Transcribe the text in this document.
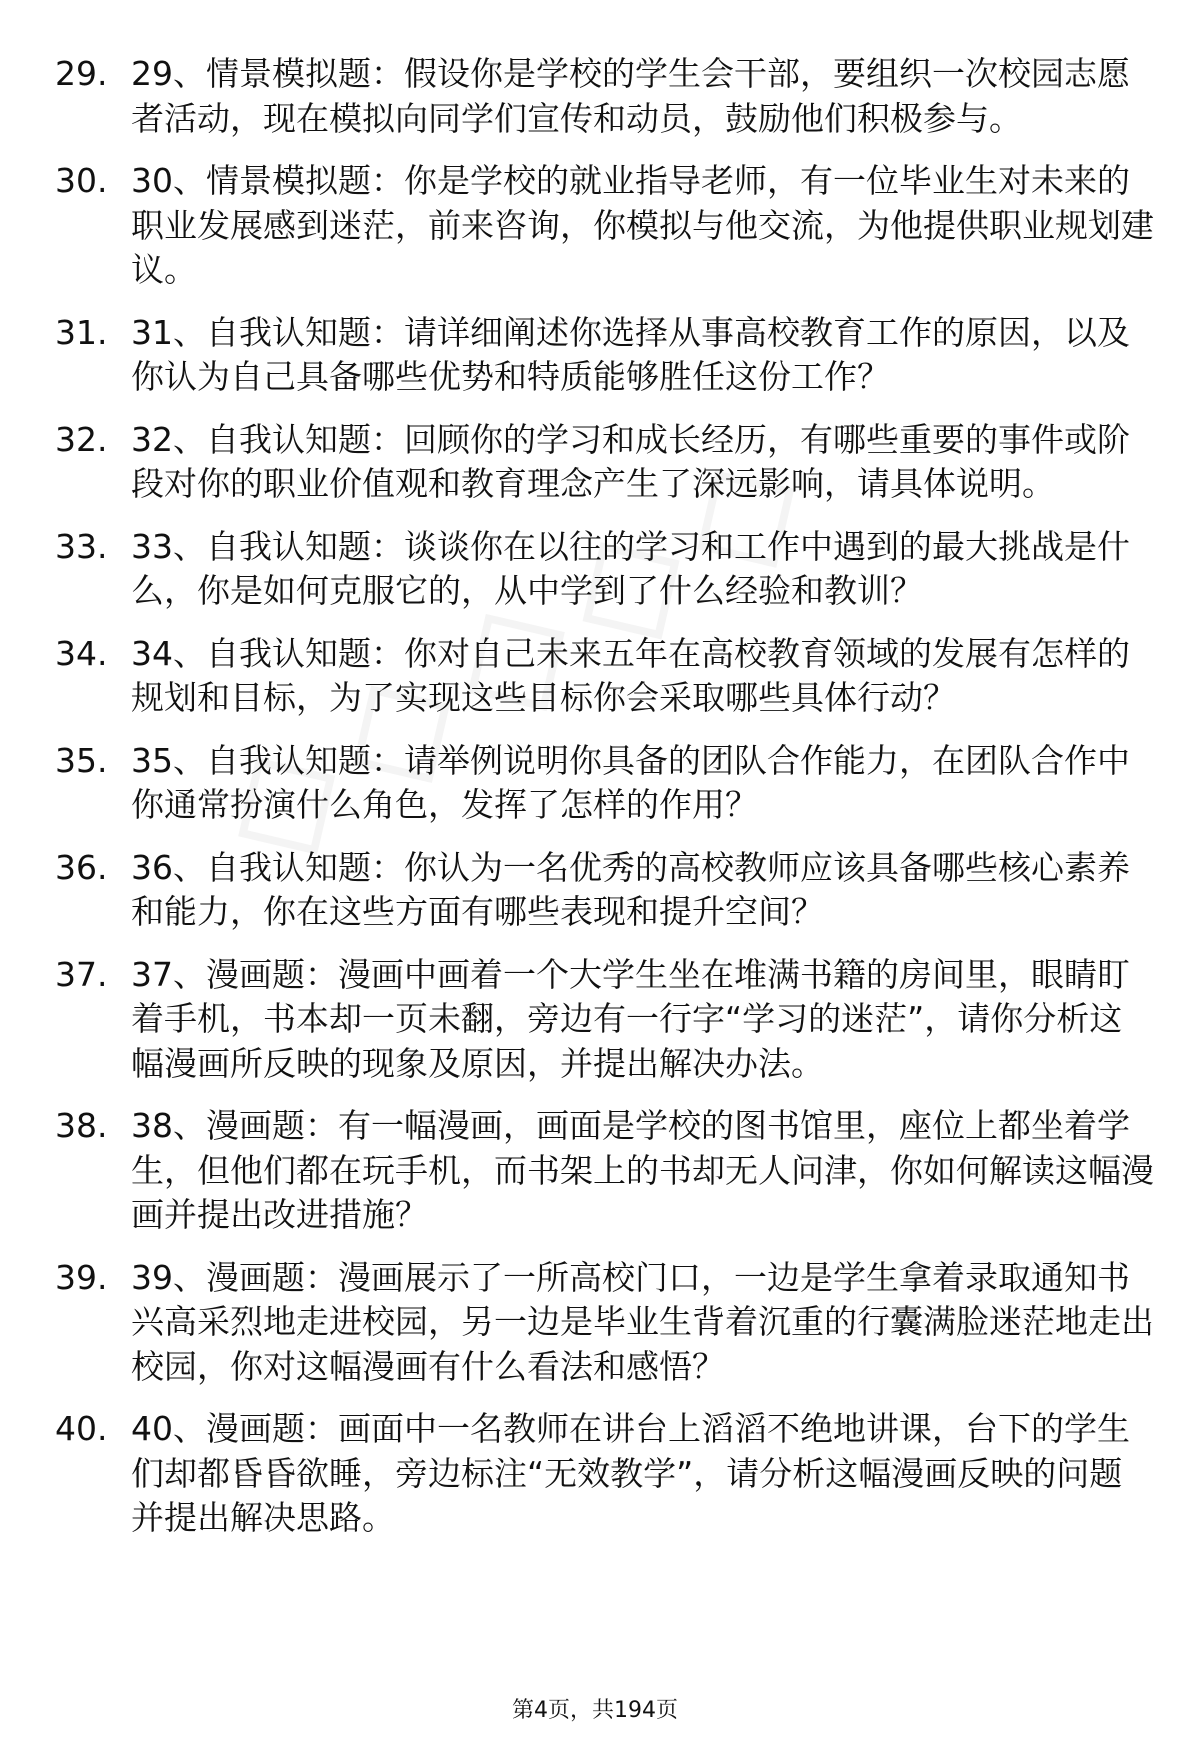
29. 29、情景模拟题：假设你是学校的学生会干部，要组织一次校园志愿者活动，现在模拟向同学们宣传和动员，鼓励他们积极参与。
30. 30、情景模拟题：你是学校的就业指导老师，有一位毕业生对未来的职业发展感到迷茫，前来咨询，你模拟与他交流，为他提供职业规划建议。
31. 31、自我认知题：请详细阐述你选择从事高校教育工作的原因，以及你认为自己具备哪些优势和特质能够胜任这份工作？
32. 32、自我认知题：回顾你的学习和成长经历，有哪些重要的事件或阶段对你的职业价值观和教育理念产生了深远影响，请具体说明。
33. 33、自我认知题：谈谈你在以往的学习和工作中遇到的最大挑战是什么，你是如何克服它的，从中学到了什么经验和教训？
34. 34、自我认知题：你对自己未来五年在高校教育领域的发展有怎样的规划和目标，为了实现这些目标你会采取哪些具体行动？
35. 35、自我认知题：请举例说明你具备的团队合作能力，在团队合作中你通常扮演什么角色，发挥了怎样的作用？
36. 36、自我认知题：你认为一名优秀的高校教师应该具备哪些核心素养和能力，你在这些方面有哪些表现和提升空间？
37. 37、漫画题：漫画中画着一个大学生坐在堆满书籍的房间里，眼睛盯着手机，书本却一页未翻，旁边有一行字“学习的迷茫”，请你分析这幅漫画所反映的现象及原因，并提出解决办法。
38. 38、漫画题：有一幅漫画，画面是学校的图书馆里，座位上都坐着学生，但他们都在玩手机，而书架上的书却无人问津，你如何解读这幅漫画并提出改进措施？
39. 39、漫画题：漫画展示了一所高校门口，一边是学生拿着录取通知书兴高采烈地走进校园，另一边是毕业生背着沉重的行囊满脸迷茫地走出校园，你对这幅漫画有什么看法和感悟？
40. 40、漫画题：画面中一名教师在讲台上滔滔不绝地讲课，台下的学生们却都昏昏欲睡，旁边标注“无效教学”，请分析这幅漫画反映的问题并提出解决思路。
第4页，共194页
